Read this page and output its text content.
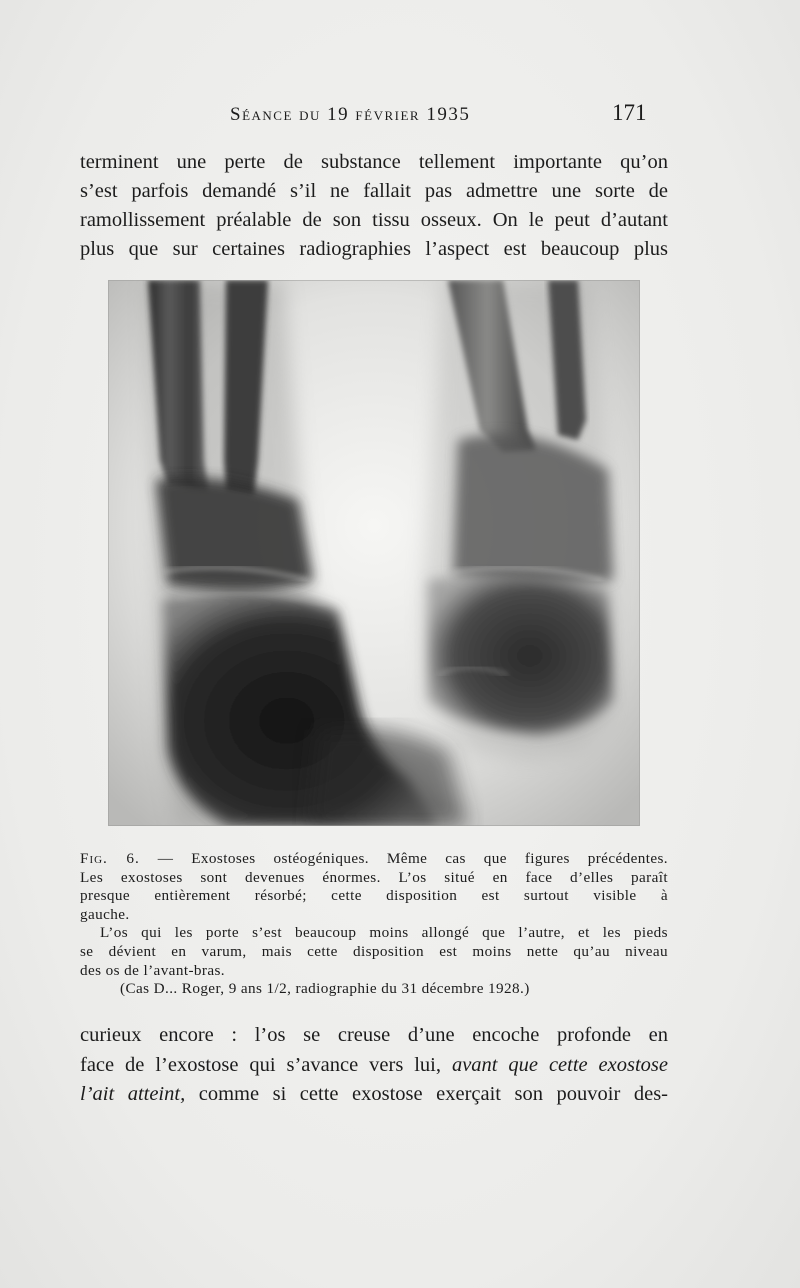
Séance du 19 février 1935	171
terminent une perte de substance tellement importante qu’on
s’est parfois demandé s’il ne fallait pas admettre une sorte de
ramollissement préalable de son tissu osseux. On le peut d’autant
plus que sur certaines radiographies l’aspect est beaucoup plus
Fig. 6. — Exostoses ostéogéniques. Même cas que figures précédentes.
Les exostoses sont devenues énormes. L’os situé en face d’elles paraît
presque entièrement résorbé; cette disposition est surtout visible à
gauche.
L’os qui les porte s’est beaucoup moins allongé que l’autre, et les pieds
se dévient en varum, mais cette disposition est moins nette qu’au niveau
des os de l’avant-bras.
(Cas D... Roger, 9 ans 1/2, radiographie du 31 décembre 1928.)
curieux encore : l’os se creuse d’une encoche profonde en
face de l’exostose qui s’avance vers lui, avant que cette exostose
l’ait atteint, comme si cette exostose exerçait son pouvoir des-
